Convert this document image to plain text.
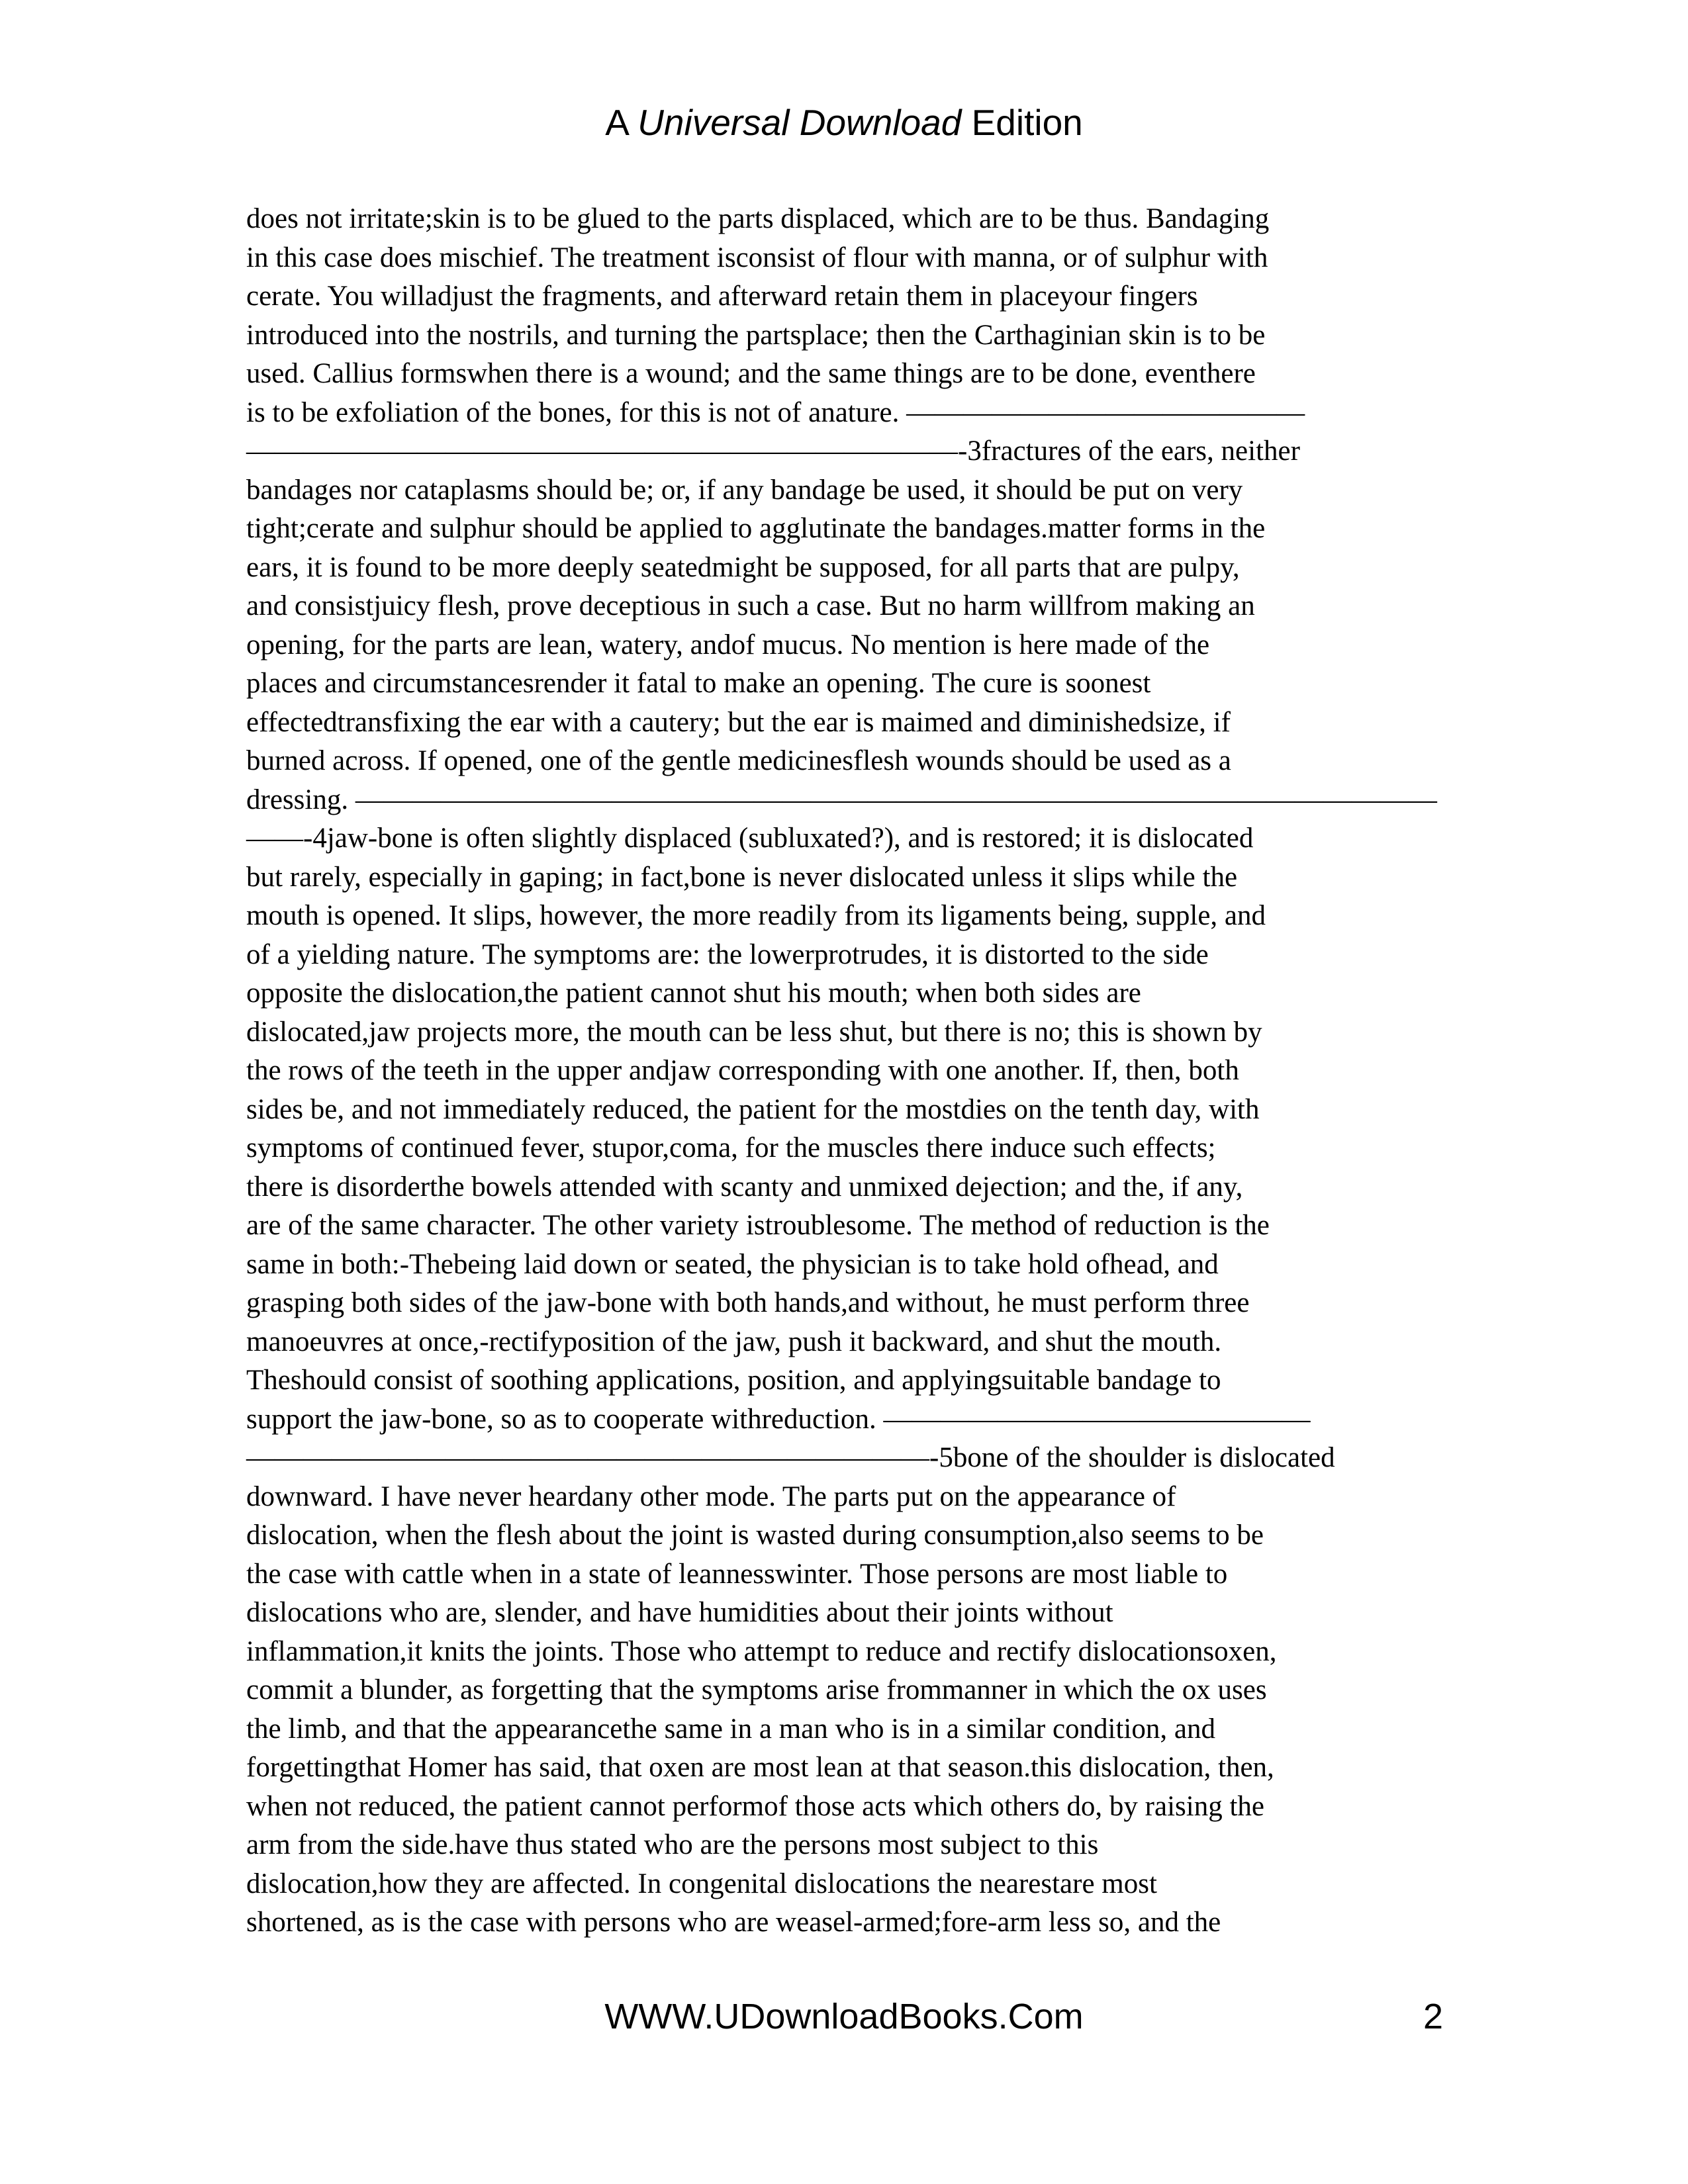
A Universal Download Edition
does not irritate;skin is to be glued to the parts displaced, which are to be thus. Bandaging
in this case does mischief. The treatment isconsist of flour with manna, or of sulphur with
cerate. You willadjust the fragments, and afterward retain them in placeyour fingers
introduced into the nostrils, and turning the partsplace; then the Carthaginian skin is to be
used. Callius formswhen there is a wound; and the same things are to be done, eventhere
is to be exfoliation of the bones, for this is not of anature. ——————————————
—————————————————————————-3fractures of the ears, neither
bandages nor cataplasms should be; or, if any bandage be used, it should be put on very
tight;cerate and sulphur should be applied to agglutinate the bandages.matter forms in the
ears, it is found to be more deeply seatedmight be supposed, for all parts that are pulpy,
and consistjuicy flesh, prove deceptious in such a case. But no harm willfrom making an
opening, for the parts are lean, watery, andof mucus. No mention is here made of the
places and circumstancesrender it fatal to make an opening. The cure is soonest
effectedtransfixing the ear with a cautery; but the ear is maimed and diminishedsize, if
burned across. If opened, one of the gentle medicinesflesh wounds should be used as a
dressing. ——————————————————————————————————————
——-4jaw-bone is often slightly displaced (subluxated?), and is restored; it is dislocated
but rarely, especially in gaping; in fact,bone is never dislocated unless it slips while the
mouth is opened. It slips, however, the more readily from its ligaments being, supple, and
of a yielding nature. The symptoms are: the lowerprotrudes, it is distorted to the side
opposite the dislocation,the patient cannot shut his mouth; when both sides are
dislocated,jaw projects more, the mouth can be less shut, but there is no; this is shown by
the rows of the teeth in the upper andjaw corresponding with one another. If, then, both
sides be, and not immediately reduced, the patient for the mostdies on the tenth day, with
symptoms of continued fever, stupor,coma, for the muscles there induce such effects;
there is disorderthe bowels attended with scanty and unmixed dejection; and the, if any,
are of the same character. The other variety istroublesome. The method of reduction is the
same in both:-Thebeing laid down or seated, the physician is to take hold ofhead, and
grasping both sides of the jaw-bone with both hands,and without, he must perform three
manoeuvres at once,-rectifyposition of the jaw, push it backward, and shut the mouth.
Theshould consist of soothing applications, position, and applyingsuitable bandage to
support the jaw-bone, so as to cooperate withreduction. ———————————————
————————————————————————-5bone of the shoulder is dislocated
downward. I have never heardany other mode. The parts put on the appearance of
dislocation, when the flesh about the joint is wasted during consumption,also seems to be
the case with cattle when in a state of leannesswinter. Those persons are most liable to
dislocations who are, slender, and have humidities about their joints without
inflammation,it knits the joints. Those who attempt to reduce and rectify dislocationsoxen,
commit a blunder, as forgetting that the symptoms arise frommanner in which the ox uses
the limb, and that the appearancethe same in a man who is in a similar condition, and
forgettingthat Homer has said, that oxen are most lean at that season.this dislocation, then,
when not reduced, the patient cannot performof those acts which others do, by raising the
arm from the side.have thus stated who are the persons most subject to this
dislocation,how they are affected. In congenital dislocations the nearestare most
shortened, as is the case with persons who are weasel-armed;fore-arm less so, and the
WWW.UDownloadBooks.Com	2
